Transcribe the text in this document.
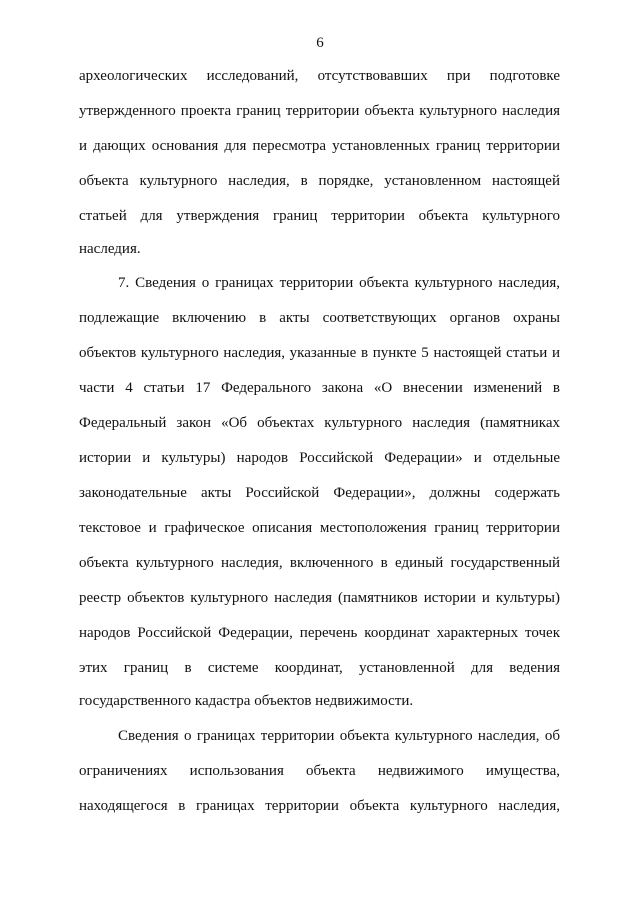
6
археологических исследований, отсутствовавших при подготовке
утвержденного проекта границ территории объекта культурного наследия
и дающих основания для пересмотра установленных границ территории
объекта культурного наследия, в порядке, установленном настоящей
статьей для утверждения границ территории объекта культурного
наследия.
7. Сведения о границах территории объекта культурного наследия,
подлежащие включению в акты соответствующих органов охраны
объектов культурного наследия, указанные в пункте 5 настоящей статьи и
части 4 статьи 17 Федерального закона «О внесении изменений в
Федеральный закон «Об объектах культурного наследия (памятниках
истории и культуры) народов Российской Федерации» и отдельные
законодательные акты Российской Федерации», должны содержать
текстовое и графическое описания местоположения границ территории
объекта культурного наследия, включенного в единый государственный
реестр объектов культурного наследия (памятников истории и культуры)
народов Российской Федерации, перечень координат характерных точек
этих границ в системе координат, установленной для ведения
государственного кадастра объектов недвижимости.
Сведения о границах территории объекта культурного наследия, об
ограничениях использования объекта недвижимого имущества,
находящегося в границах территории объекта культурного наследия,
